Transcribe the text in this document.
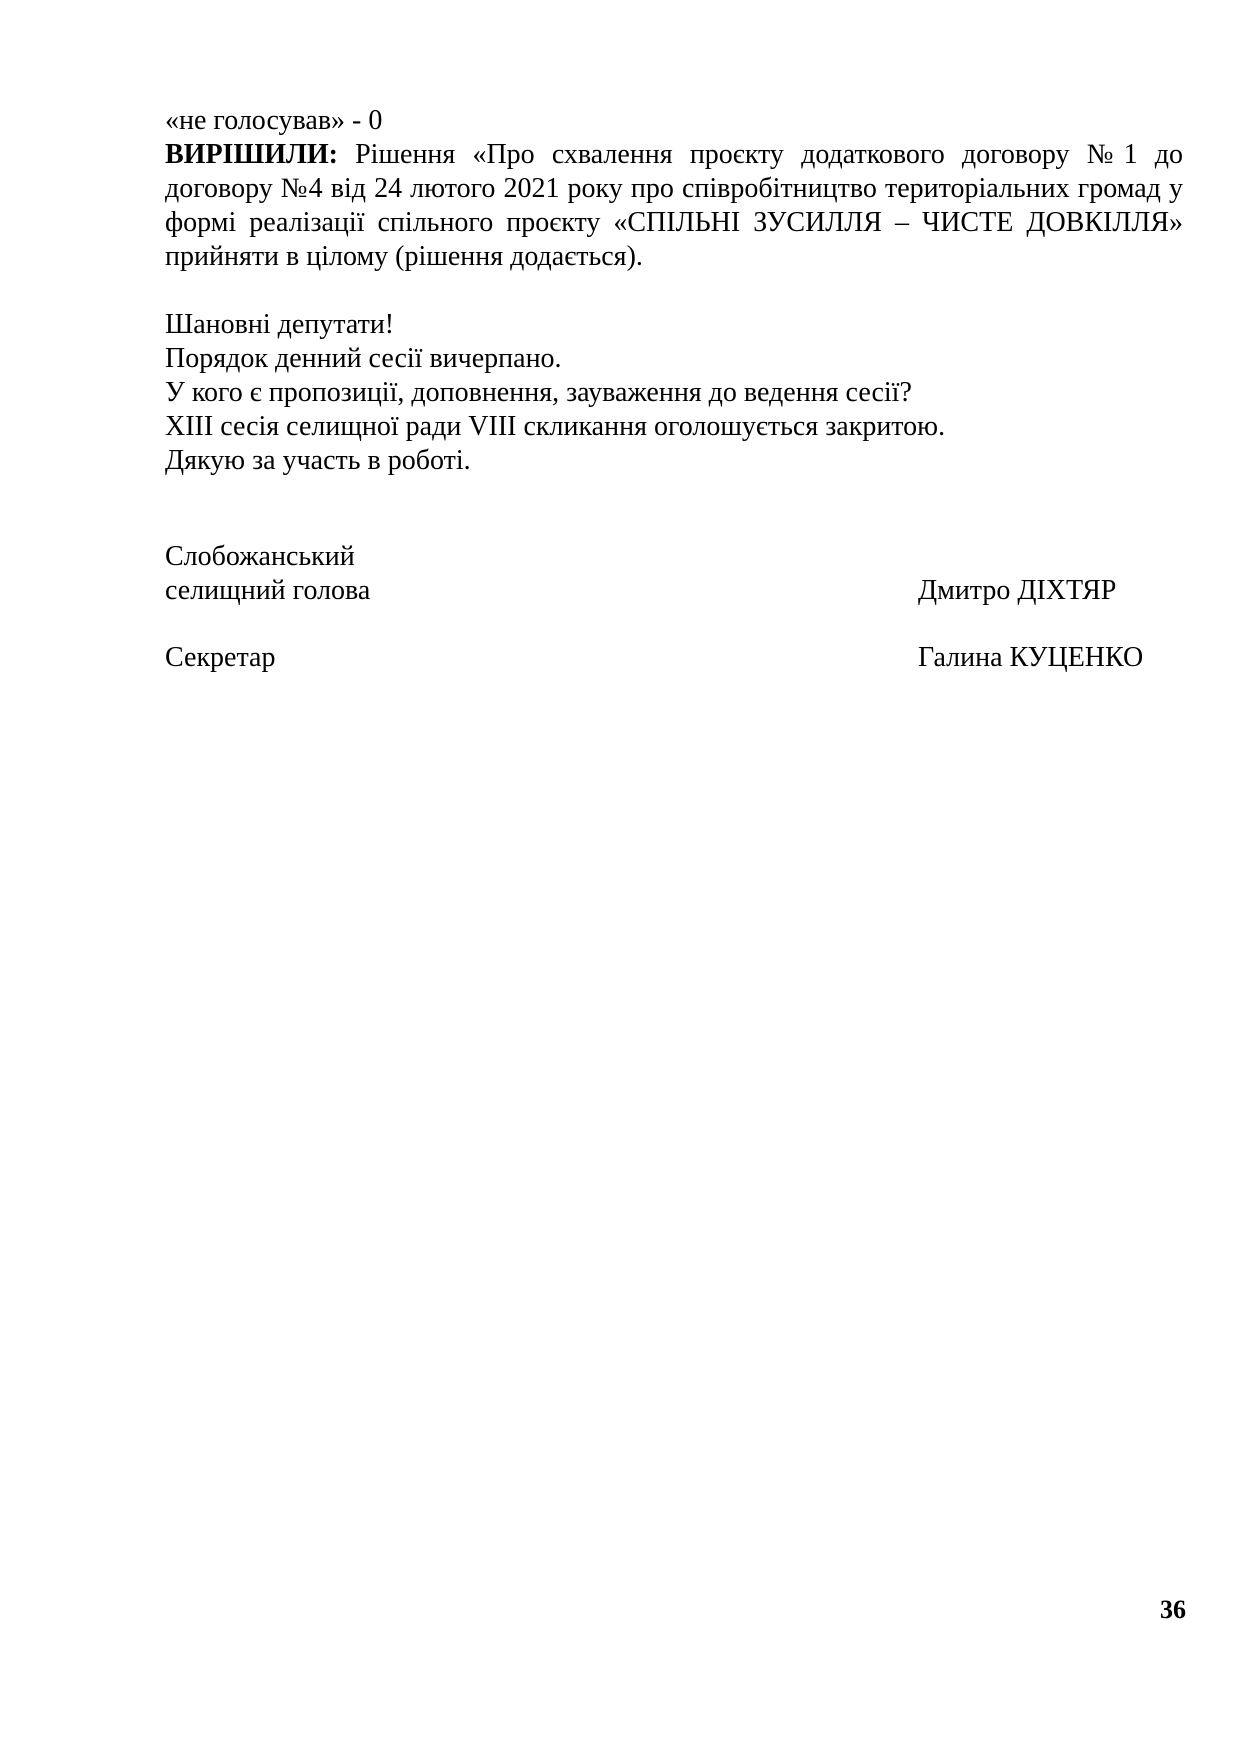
«не голосував» - 0
ВИРІШИЛИ: Рішення «Про схвалення проєкту додаткового договору №1 до договору №4 від 24 лютого 2021 року про співробітництво територіальних громад у формі реалізації спільного проєкту «СПІЛЬНІ ЗУСИЛЛЯ – ЧИСТЕ ДОВКІЛЛЯ» прийняти в цілому (рішення додається).
Шановні депутати!
Порядок денний сесії вичерпано.
У кого є пропозиції, доповнення, зауваження до ведення сесії?
XIII сесія селищної ради VIII скликання оголошується закритою.
Дякую за участь в роботі.
Слобожанський
селищний голова	Дмитро ДІХТЯР
Секретар	Галина КУЦЕНКО
36
